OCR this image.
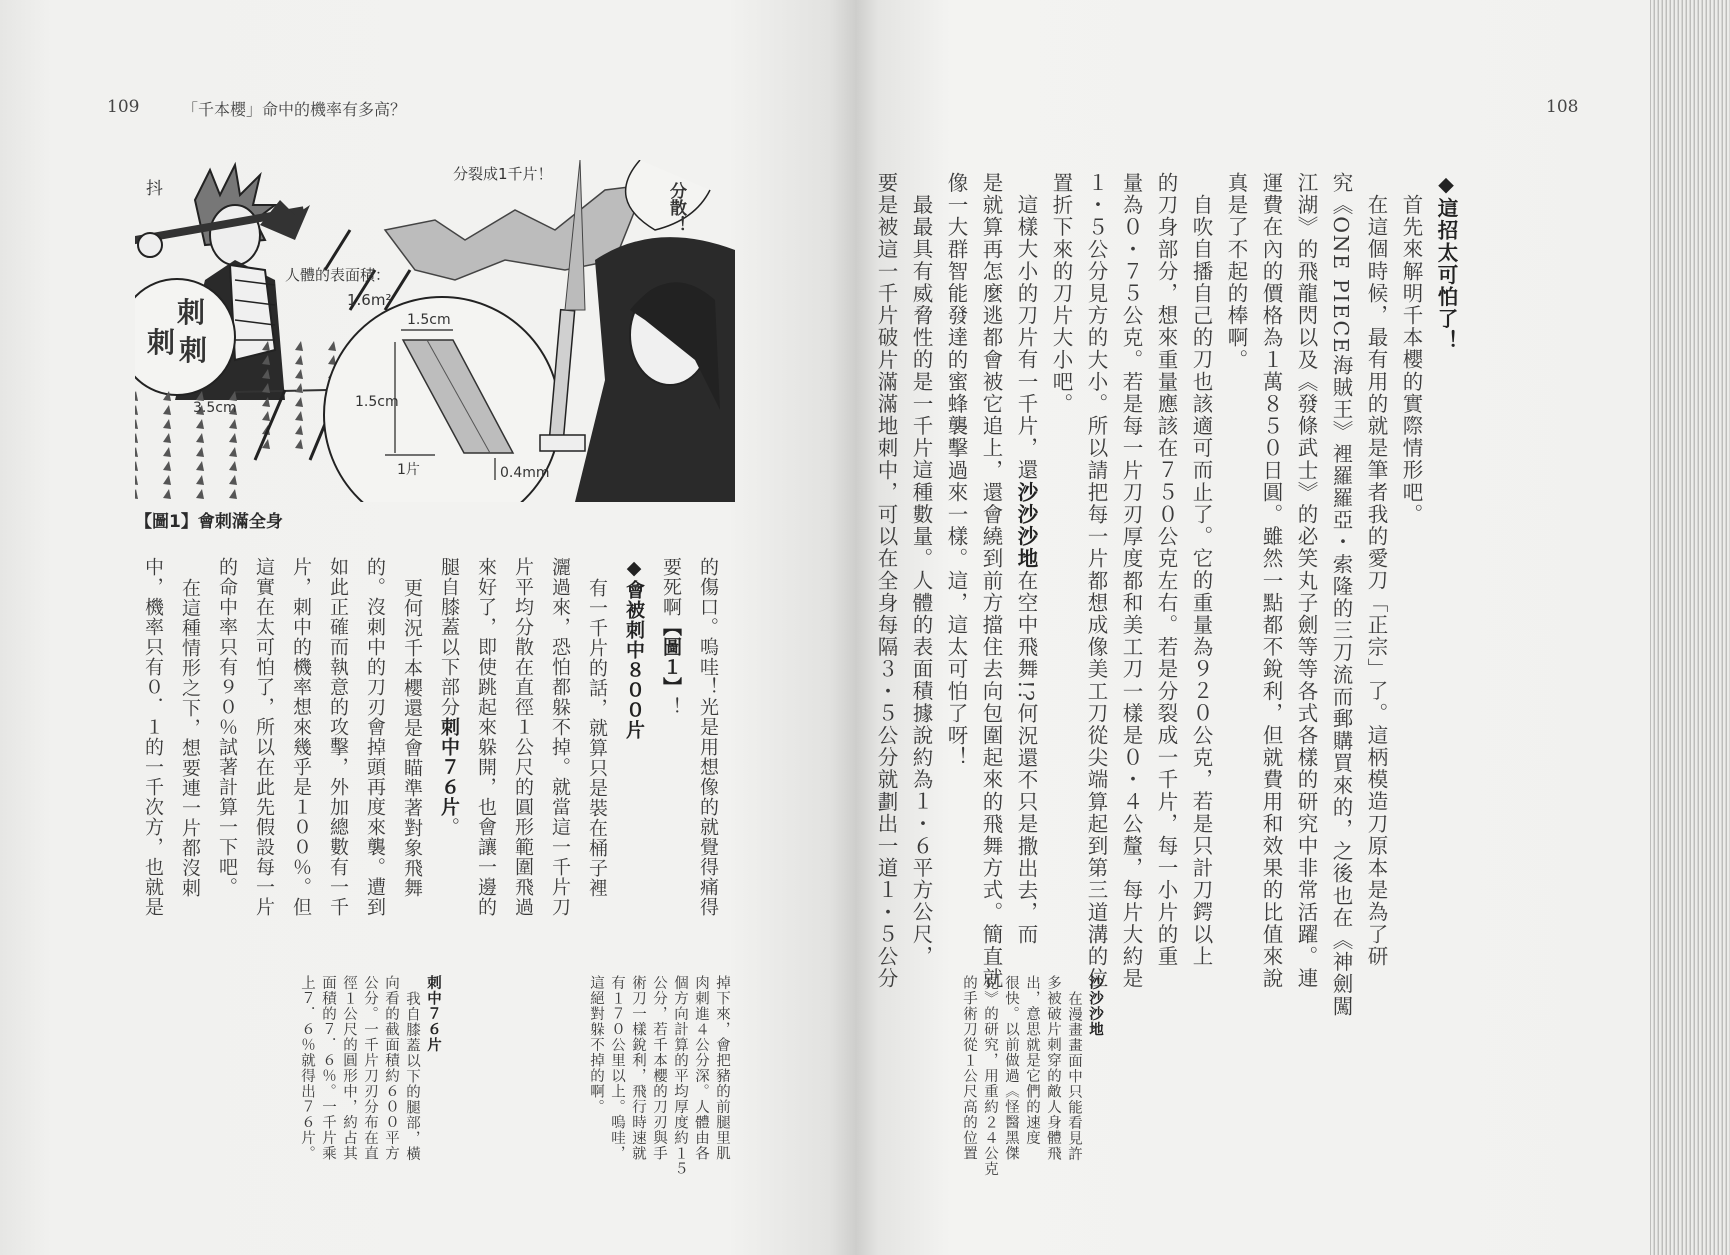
109	「千本櫻」命中的機率有多高？
抖
刺
刺 刺
分裂成1千片！
人體的表面積：
1.6m²
1.5cm
1.5cm
3.5cm
1片	0.4mm
分散！
【圖1】會刺滿全身
的傷口。嗚哇！光是用想像的就覺得痛得
要死啊【圖１】！
◆會被刺中８００片
有一千片的話，就算只是裝在桶子裡
灑過來，恐怕都躲不掉。就當這一千片刀
片平均分散在直徑１公尺的圓形範圍飛過
來好了，即使跳起來躲開，也會讓一邊的
腿自膝蓋以下部分刺中７６片。
更何況千本櫻還是會瞄準著對象飛舞
的。沒刺中的刀刃會掉頭再度來襲。遭到
如此正確而執意的攻擊，外加總數有一千
片，刺中的機率想來幾乎是１００％。但
這實在太可怕了，所以在此先假設每一片
的命中率只有９０％試著計算一下吧。
在這種情形之下，想要連一片都沒刺
中，機率只有０．１的一千次方，也就是
掉下來，會把豬的前腿里肌
肉刺進４公分深。人體由各
個方向計算的平均厚度約１５
公分，若千本櫻的刀刃與手
術刀一樣銳利，飛行時速就
有１７０公里以上。嗚哇，
這絕對躲不掉的啊。
刺中７６片
我自膝蓋以下的腿部，橫
向看的截面積約６００平方
公分。一千片刀刃分布在直
徑１公尺的圓形中，約占其
面積的７．６％。一千片乘
上７．６％就得出７６片。
108
◆這招太可怕了！
首先來解明千本櫻的實際情形吧。
在這個時候，最有用的就是筆者我的愛刀「正宗」了。這柄模造刀原本是為了研
究《ONE PIECE海賊王》裡羅羅亞・索隆的三刀流而郵購買來的，之後也在《神劍闖
江湖》的飛龍閃以及《發條武士》的必笑丸子劍等等各式各樣的研究中非常活躍。連
運費在內的價格為１萬８５０日圓。雖然一點都不銳利，但就費用和效果的比值來說
真是了不起的棒啊。
自吹自播自己的刀也該適可而止了。它的重量為９２０公克，若是只計刀鍔以上
的刀身部分，想來重量應該在７５０公克左右。若是分裂成一千片，每一小片的重
量為０・７５公克。若是每一片刀刃厚度都和美工刀一樣是０・４公釐，每片大約是
１・５公分見方的大小。所以請把每一片都想成像美工刀從尖端算起到第三道溝的位
置折下來的刀片大小吧。
這樣大小的刀片有一千片，還沙沙沙地在空中飛舞!?何況還不只是撒出去，而
是就算再怎麼逃都會被它追上，還會繞到前方擋住去向包圍起來的飛舞方式。簡直就
像一大群智能發達的蜜蜂襲擊過來一樣。這，這太可怕了呀！
最最具有威脅性的是一千片這種數量。人體的表面積據說約為１・６平方公尺，
要是被這一千片破片滿滿地刺中，可以在全身每隔３・５公分就劃出一道１・５公分
沙沙沙地
在漫畫畫面中只能看見許
多被破片刺穿的敵人身體飛
出，意思就是它們的速度
很快。以前做過《怪醫黑傑
克》的研究，用重約２４公克
的手術刀從１公尺高的位置
